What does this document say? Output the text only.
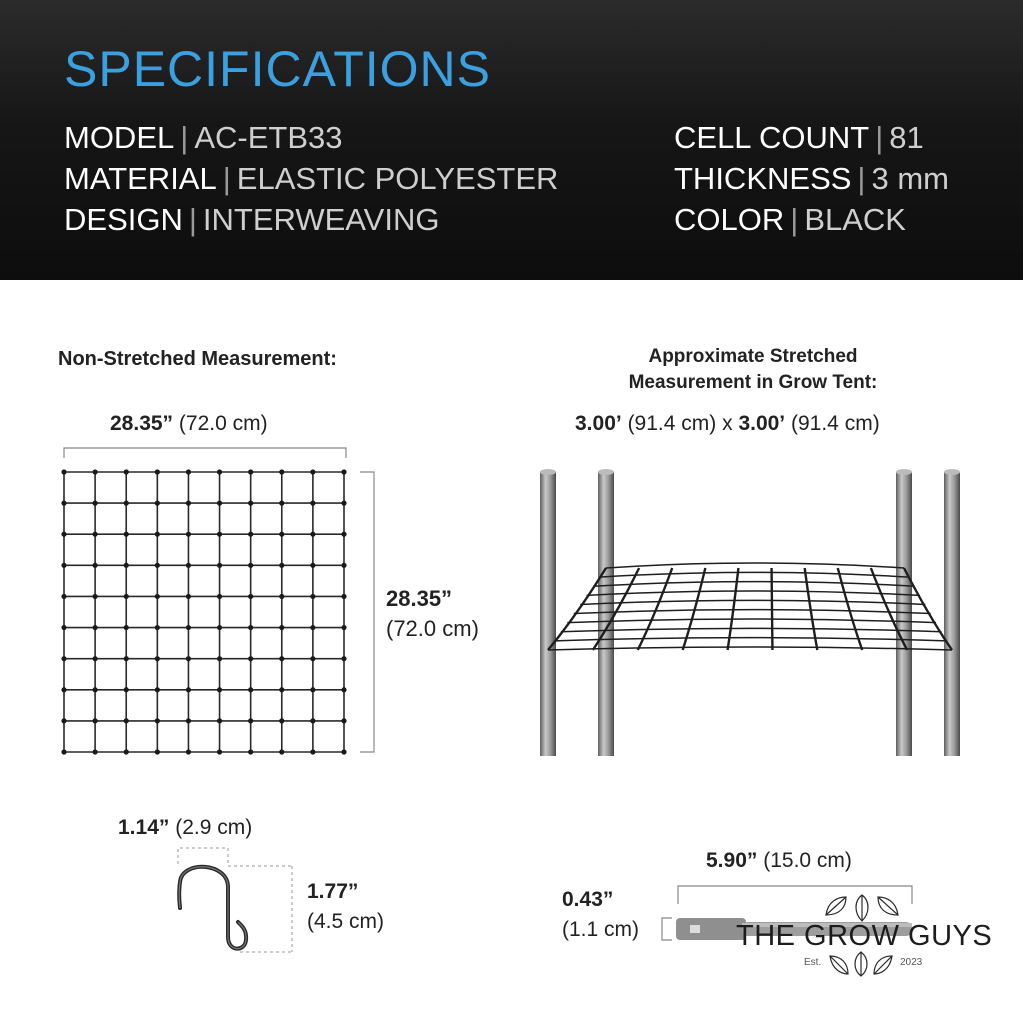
SPECIFICATIONS
MODEL | AC-ETB33
MATERIAL | ELASTIC POLYESTER
DESIGN | INTERWEAVING
CELL COUNT | 81
THICKNESS | 3 mm
COLOR | BLACK
Non-Stretched Measurement:
28.35” (72.0 cm)
28.35”
(72.0 cm)
Approximate Stretched
Measurement in Grow Tent:
3.00’ (91.4 cm) x 3.00’ (91.4 cm)
1.14” (2.9 cm)
1.77”
(4.5 cm)
5.90” (15.0 cm)
0.43”
(1.1 cm)	THE GROW GUYS
Est.	2023
